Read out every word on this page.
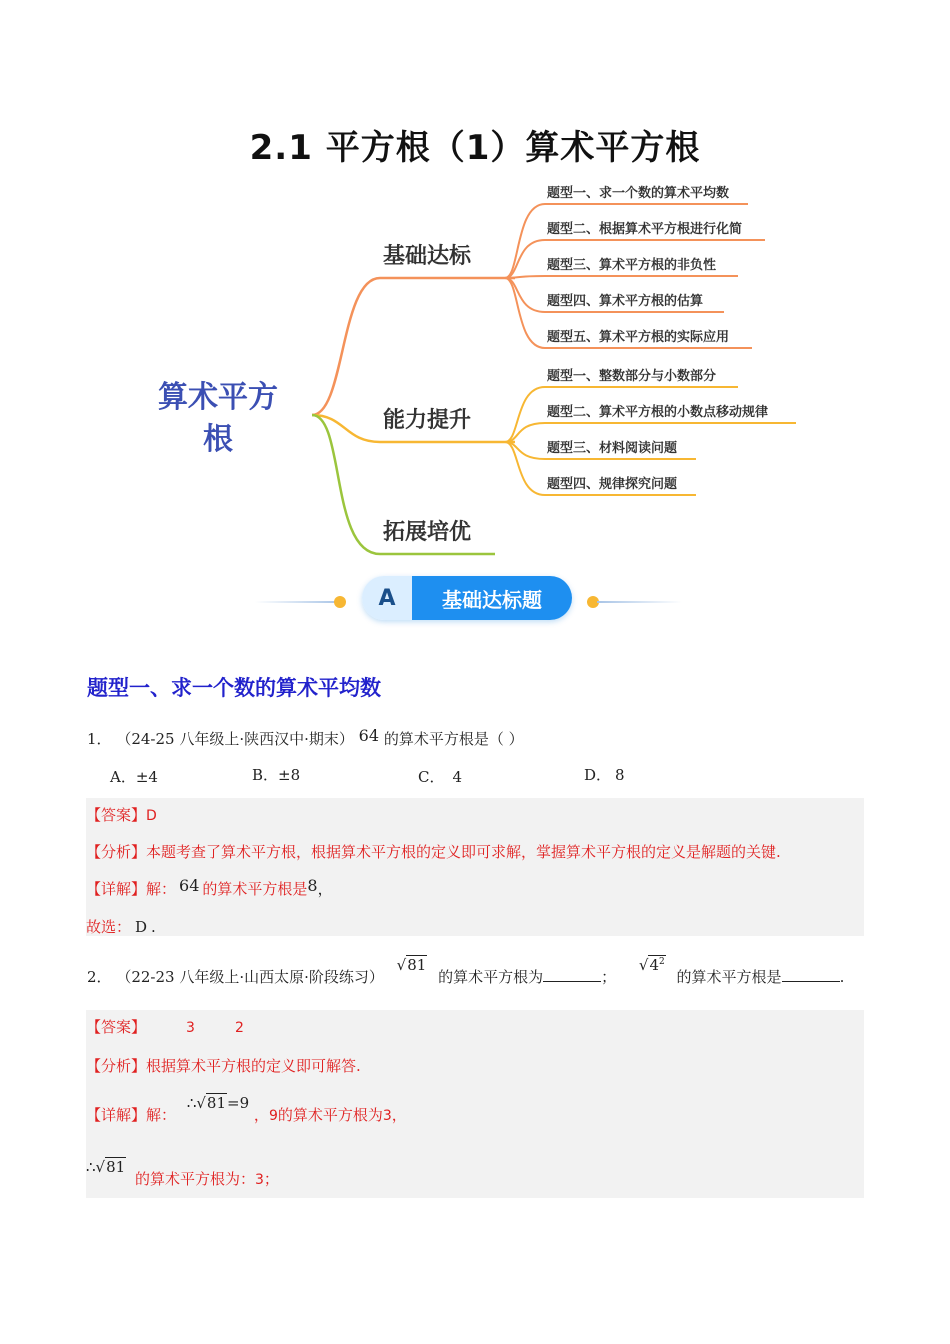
2.1 平方根（1）算术平方根
算术平方
根
基础达标
能力提升
拓展培优
题型一、求一个数的算术平均数
题型二、根据算术平方根进行化简
题型三、算术平方根的非负性
题型四、算术平方根的估算
题型五、算术平方根的实际应用
题型一、整数部分与小数部分
题型二、算术平方根的小数点移动规律
题型三、材料阅读问题
题型四、规律探究问题
A	基础达标题
题型一、求一个数的算术平均数
1． （24-25 八年级上·陕西汉中·期末） 64 的算术平方根是（ ）
A．±4	B．±8	C． 4	D． 8
【答案】D
【分析】本题考查了算术平方根，根据算术平方根的定义即可求解，掌握算术平方根的定义是解题的关键.
【详解】解： 64 的算术平方根是8，
故选： D .
2． （22-23 八年级上·山西太原·阶段练习） √81 的算术平方根为	； $√4^2$ 的算术平方根是	.
【答案】	3	2
【分析】根据算术平方根的定义即可解答.
【详解】解： ∴√81=9 ，9的算术平方根为3，
∴√81 的算术平方根为：3；
